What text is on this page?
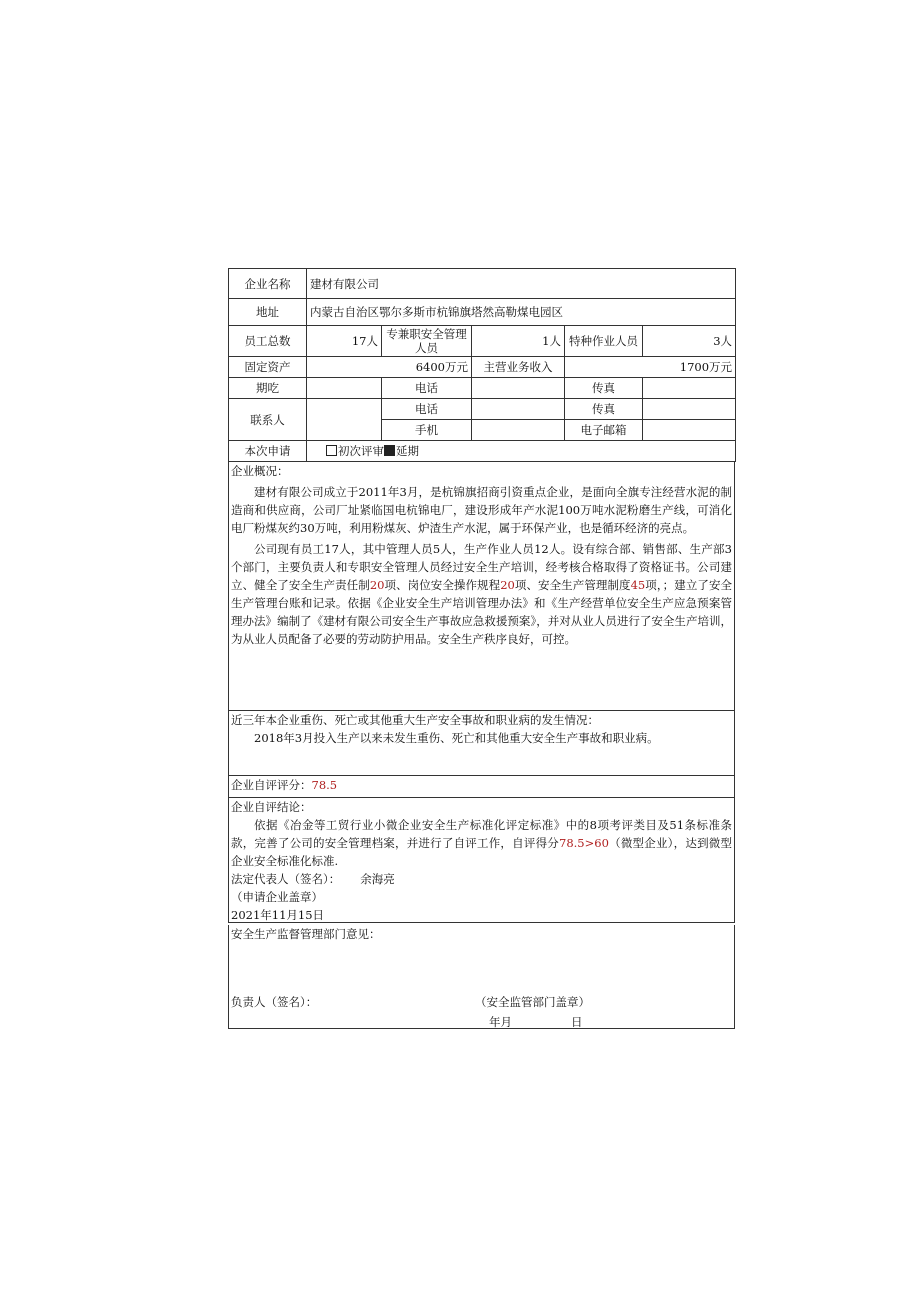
企业名称	建材有限公司				
地址	内蒙古自治区鄂尔多斯市杭锦旗塔然高勒煤电园区				
员工总数	17人	专兼职安全管理人员	1人	特种作业人员	3人
固定资产	6400万元		主营业务收入	1700万元	
期吃		电话		传真	
联系人		电话		传真	
		手机		电子邮箱	
本次申请	初次评审 延期				

企业概况：

建材有限公司成立于2011年3月，是杭锦旗招商引资重点企业，是面向全旗专注经营水泥的制造商和供应商，公司厂址紧临国电杭锦电厂，建设形成年产水泥100万吨水泥粉磨生产线，可消化电厂粉煤灰约30万吨，利用粉煤灰、炉渣生产水泥，属于环保产业，也是循环经济的亮点。

公司现有员工17人，其中管理人员5人，生产作业人员12人。设有综合部、销售部、生产部3个部门，主要负责人和专职安全管理人员经过安全生产培训，经考核合格取得了资格证书。公司建立、健全了安全生产责任制20项、岗位安全操作规程20项、安全生产管理制度45项，；建立了安全生产管理台账和记录。依据《企业安全生产培训管理办法》和《生产经营单位安全生产应急预案管理办法》编制了《建材有限公司安全生产事故应急救援预案》，并对从业人员进行了安全生产培训，为从业人员配备了必要的劳动防护用品。安全生产秩序良好，可控。

近三年本企业重伤、死亡或其他重大生产安全事故和职业病的发生情况：

2018年3月投入生产以来未发生重伤、死亡和其他重大安全生产事故和职业病。

企业自评评分：78.5

企业自评结论：

依据《冶金等工贸行业小微企业安全生产标准化评定标准》中的8项考评类目及51条标准条款，完善了公司的安全管理档案，并进行了自评工作，自评得分78.5>60（微型企业），达到微型企业安全标准化标准.

法定代表人（签名）： 余海亮

（申请企业盖章）

2021年11月15日

安全生产监督管理部门意见：

负责人（签名）：	（安全监管部门盖章）
年月	日
